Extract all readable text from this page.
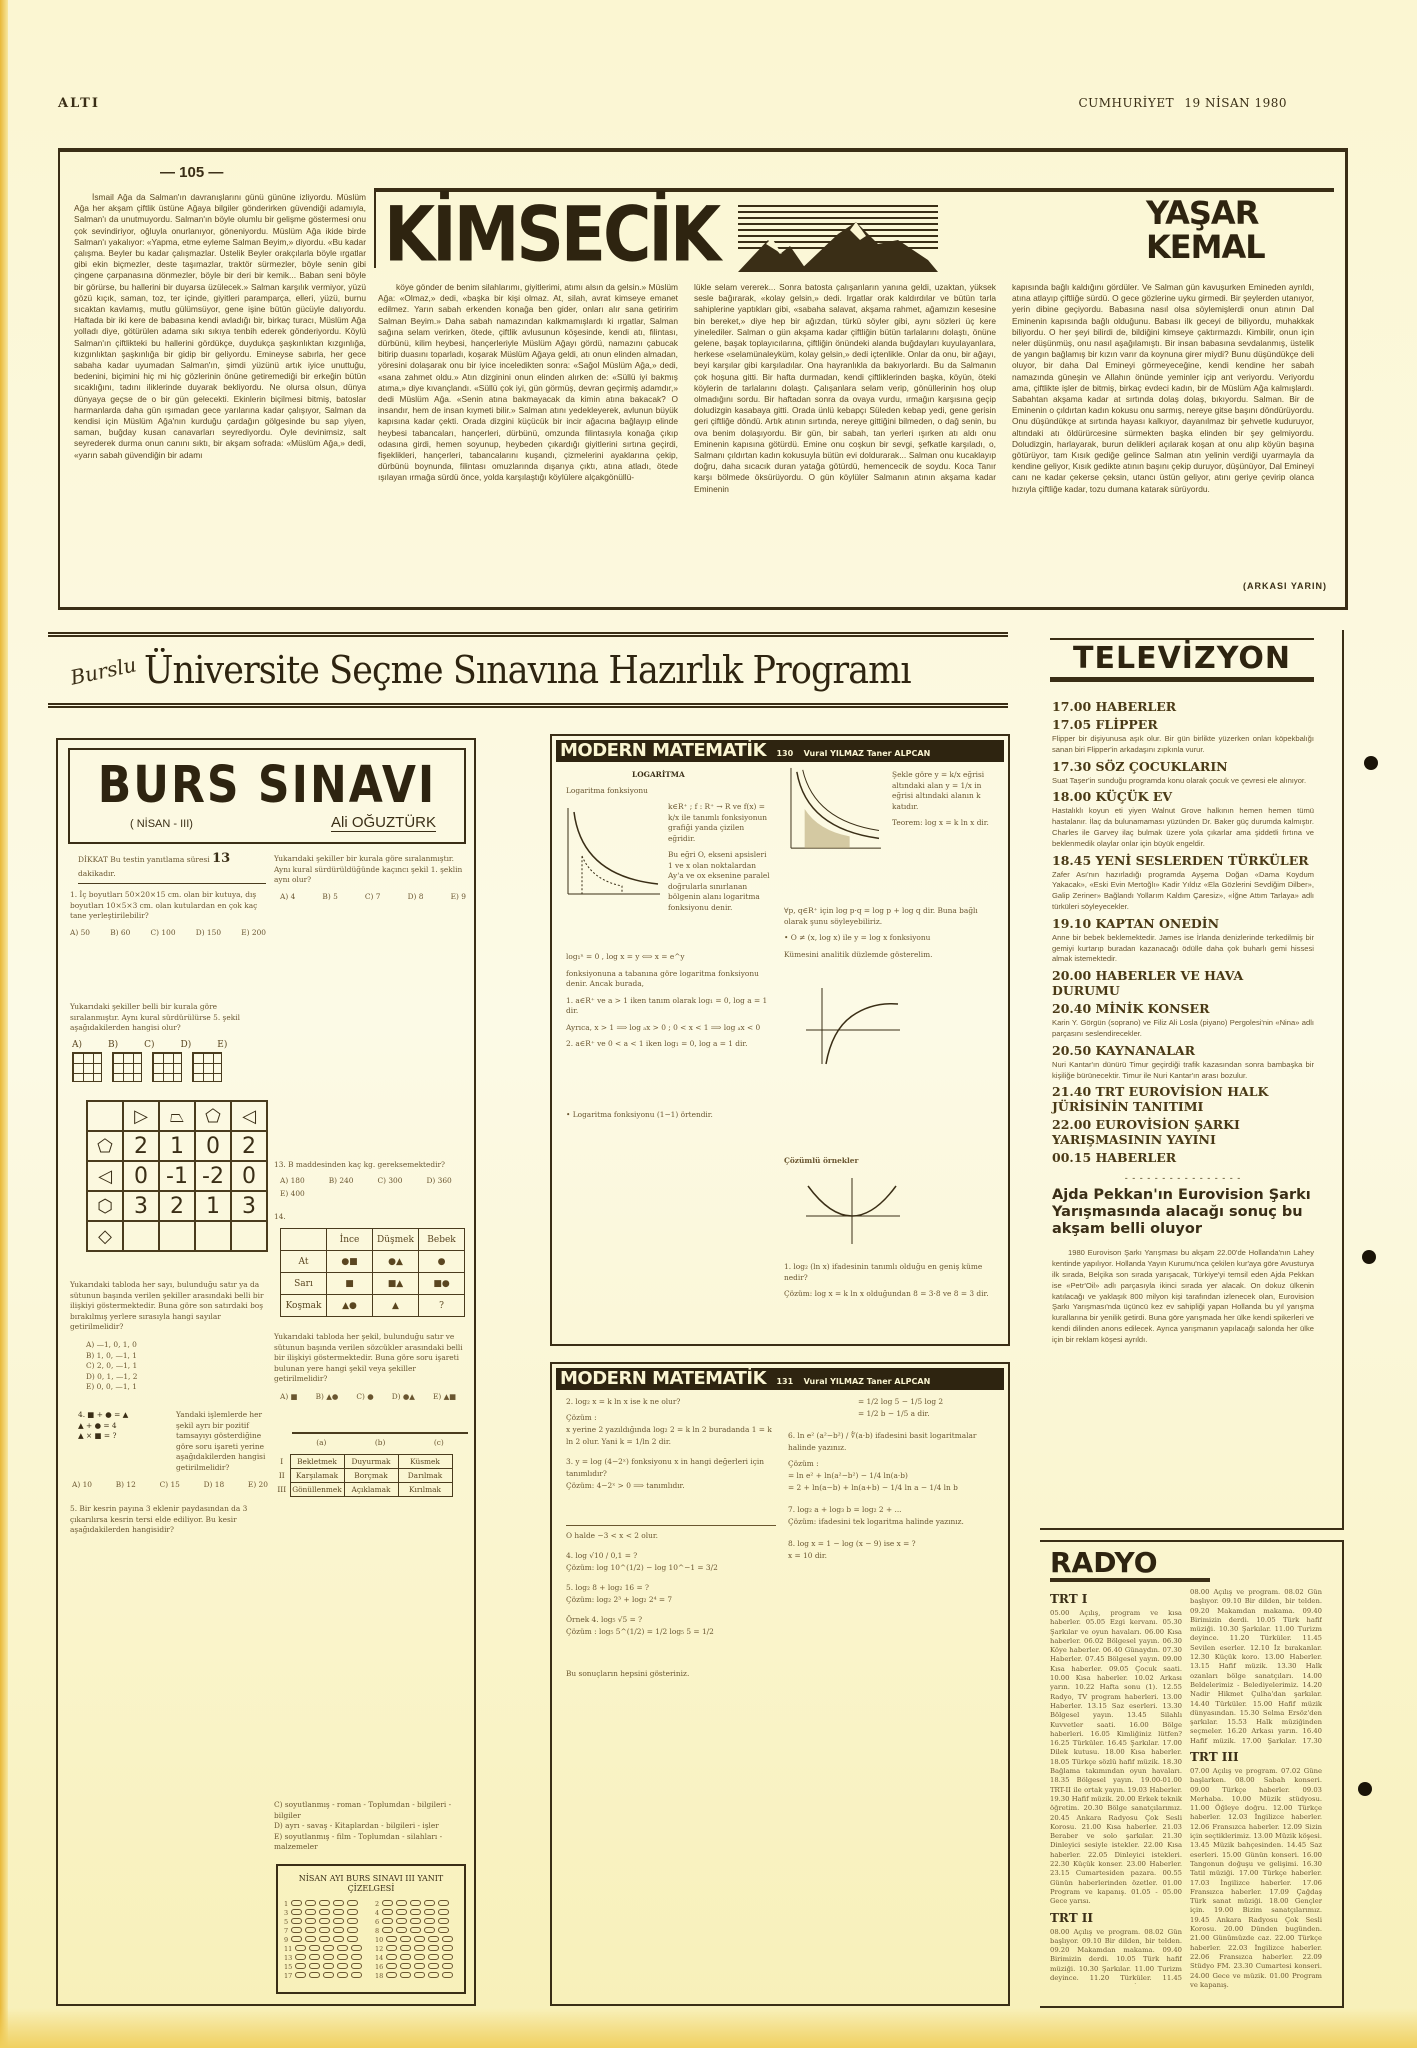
ALTI	CUMHURİYET 19 NİSAN 1980
— 105 —
KİMSECİK	YAŞAR
KEMAL
İsmail Ağa da Salman'ın davranışlarını günü gününe izliyordu. Müslüm Ağa her akşam çiftlik üstüne Ağaya bilgiler gönderirken güvendiği adamıyla, Salman'ı da unutmuyordu. Salman'ın böyle olumlu bir gelişme göstermesi onu çok sevindiriyor, oğluyla onurlanıyor, göneniyordu. Müslüm Ağa ikide birde Salman'ı yakalıyor: «Yapma, etme eyleme Salman Beyim,» diyordu. «Bu kadar çalışma. Beyler bu kadar çalışmazlar. Üstelik Beyler orakçılarla böyle ırgatlar gibi ekin biçmezler, deste taşımazlar, traktör sürmezler, böyle senin gibi çingene çarpanasına dönmezler, böyle bir deri bir kemik... Baban seni böyle bir görürse, bu hallerini bir duyarsa üzülecek.» Salman karşılık vermiyor, yüzü gözü kıçık, saman, toz, ter içinde, giyitleri paramparça, elleri, yüzü, burnu sıcaktan kavlamış, mutlu gülümsüyor, gene işine bütün gücüyle dalıyordu. Haftada bir iki kere de babasına kendi avladığı bir, birkaç turacı, Müslüm Ağa yolladı diye, götürülen adama sıkı sıkıya tenbih ederek gönderiyordu. Köylü Salman'ın çiftlikteki bu hallerini gördükçe, duydukça şaşkınlıktan kızgınlığa, kızgınlıktan şaşkınlığa bir gidip bir geliyordu. Emineyse sabırla, her gece sabaha kadar uyumadan Salman'ın, şimdi yüzünü artık iyice unuttuğu, bedenini, biçimini hiç mi hiç gözlerinin önüne getiremediği bir erkeğin bütün sıcaklığını, tadını iliklerinde duyarak bekliyordu. Ne olursa olsun, dünya dünyaya geçse de o bir gün gelecekti. Ekinlerin biçilmesi bitmiş, batoslar harmanlarda daha gün ışımadan gece yarılarına kadar çalışıyor, Salman da kendisi için Müslüm Ağa'nın kurduğu çardağın gölgesinde bu sap yiyen, saman, buğday kusan canavarları seyrediyordu. Öyle devinimsiz, salt seyrederek durma onun canını sıktı, bir akşam sofrada: «Müslüm Ağa,» dedi, «yarın sabah güvendiğin bir adamı
köye gönder de benim silahlarımı, giyitlerimi, atımı alsın da gelsin.» Müslüm Ağa: «Olmaz,» dedi, «başka bir kişi olmaz. At, silah, avrat kimseye emanet edilmez. Yarın sabah erkenden konağa ben gider, onları alır sana getiririm Salman Beyim.» Daha sabah namazından kalkmamışlardı ki ırgatlar, Salman sağına selam verirken, ötede, çiftlik avlusunun köşesinde, kendi atı, filintası, dürbünü, kilim heybesi, hançerleriyle Müslüm Ağayı gördü, namazını çabucak bitirip duasını toparladı, koşarak Müslüm Ağaya geldi, atı onun elinden almadan, yöresini dolaşarak onu bir iyice inceledikten sonra: «Sağol Müslüm Ağa,» dedi, «sana zahmet oldu.» Atın dizginini onun elinden alırken de: «Süllü iyi bakmış atıma,» diye kıvançlandı. «Süllü çok iyi, gün görmüş, devran geçirmiş adamdır,» dedi Müslüm Ağa. «Senin atına bakmayacak da kimin atına bakacak? O insandır, hem de insan kıymeti bilir.» Salman atını yedekleyerek, avlunun büyük kapısına kadar çekti. Orada dizgini küçücük bir incir ağacına bağlayıp elinde heybesi tabancaları, hançerleri, dürbünü, omzunda filintasıyla konağa çıkıp odasına girdi, hemen soyunup, heybeden çıkardığı giyitlerini sırtına geçirdi, fişeklikleri, hançerleri, tabancalarını kuşandı, çizmelerini ayaklarına çekip, dürbünü boynunda, filintası omuzlarında dışarıya çıktı, atına atladı, ötede ışılayan ırmağa sürdü önce, yolda karşılaştığı köylülere alçakgönüllü-
lükle selam vererek... Sonra batosta çalışanların yanına geldi, uzaktan, yüksek sesle bağırarak, «kolay gelsin,» dedi. Irgatlar orak kaldırdılar ve bütün tarla sahiplerine yaptıkları gibi, «sabaha salavat, akşama rahmet, ağamızın kesesine bin bereket,» diye hep bir ağızdan, türkü söyler gibi, aynı sözleri üç kere yinelediler. Salman o gün akşama kadar çiftliğin bütün tarlalarını dolaştı, önüne gelene, başak toplayıcılarına, çiftliğin önündeki alanda buğdayları kuyulayanlara, herkese «selamünaleyküm, kolay gelsin,» dedi içtenlikle. Onlar da onu, bir ağayı, beyi karşılar gibi karşıladılar. Ona hayranlıkla da bakıyorlardı. Bu da Salmanın çok hoşuna gitti. Bir hafta durmadan, kendi çiftliklerinden başka, köyün, öteki köylerin de tarlalarını dolaştı. Çalışanlara selam verip, gönüllerinin hoş olup olmadığını sordu. Bir haftadan sonra da ovaya vurdu, ırmağın karşısına geçip doludizgin kasabaya gitti. Orada ünlü kebapçı Süleden kebap yedi, gene gerisin geri çiftliğe döndü. Artık atının sırtında, nereye gittiğini bilmeden, o dağ senin, bu ova benim dolaşıyordu. Bir gün, bir sabah, tan yerleri ışırken atı aldı onu Eminenin kapısına götürdü. Emine onu coşkun bir sevgi, şefkatle karşıladı, o, Salmanı çıldırtan kadın kokusuyla bütün evi doldurarak... Salman onu kucaklayıp doğru, daha sıcacık duran yatağa götürdü, hemencecik de soydu. Koca Tanır karşı bölmede öksürüyordu. O gün köylüler Salmanın atının akşama kadar Eminenin
kapısında bağlı kaldığını gördüler. Ve Salman gün kavuşurken Emineden ayrıldı, atına atlayıp çiftliğe sürdü. O gece gözlerine uyku girmedi. Bir şeylerden utanıyor, yerin dibine geçiyordu. Babasına nasıl olsa söylemişlerdi onun atının Dal Eminenin kapısında bağlı olduğunu. Babası ilk geceyi de biliyordu, muhakkak biliyordu. O her şeyi bilirdi de, bildiğini kimseye çaktırmazdı. Kimbilir, onun için neler düşünmüş, onu nasıl aşağılamıştı. Bir insan babasına sevdalanmış, üstelik de yangın bağlamış bir kızın varır da koynuna girer miydi? Bunu düşündükçe deli oluyor, bir daha Dal Emineyi görmeyeceğine, kendi kendine her sabah namazında güneşin ve Allahın önünde yeminler içip ant veriyordu. Veriyordu ama, çiftlikte işler de bitmiş, birkaç evdeci kadın, bir de Müslüm Ağa kalmışlardı. Sabahtan akşama kadar at sırtında dolaş dolaş, bıkıyordu. Salman. Bir de Eminenin o çıldırtan kadın kokusu onu sarmış, nereye gitse başını döndürüyordu. Onu düşündükçe at sırtında hayası kalkıyor, dayanılmaz bir şehvetle kuduruyor, altındaki atı öldürürcesine sürmekten başka elinden bir şey gelmiyordu. Doludizgin, harlayarak, burun delikleri açılarak koşan at onu alıp köyün başına götürüyor, tam Kısık gediğe gelince Salman atın yelinin verdiği uyarmayla da kendine geliyor, Kısık gedikte atının başını çekip duruyor, düşünüyor, Dal Emineyi canı ne kadar çekerse çeksin, utancı üstün geliyor, atını geriye çevirip olanca hızıyla çiftliğe kadar, tozu dumana katarak sürüyordu.
(ARKASI YARIN)
Burslu Üniversite Seçme Sınavına Hazırlık Programı
BURS SINAVI
( NİSAN - III)	Ali OĞUZTÜRK
DİKKAT Bu testin yanıtlama süresi 13 dakikadır.
1. İç boyutları 50×20×15 cm. olan bir kutuya, dış boyutları 10×5×3 cm. olan kutulardan en çok kaç tane yerleştirilebilir?
A) 50	B) 60	C) 100	D) 150	E) 200
Yukarıdaki şekiller belli bir kurala göre sıralanmıştır. Aynı kural sürdürülürse 5. şekil aşağıdakilerden hangisi olur?
A)	B)	C)	D)	E)
	▷	⏢	⬠	◁
⬠	2	1	0	2
◁	0	-1	-2	0
⬡	3	2	1	3
◇				
Yukarıdaki tabloda her sayı, bulunduğu satır ya da sütunun başında verilen şekiller arasındaki belli bir ilişkiyi göstermektedir. Buna göre son satırdaki boş bırakılmış yerlere sırasıyla hangi sayılar getirilmelidir?
A) —1, 0, 1, 0
B) 1, 0, —1, 1
C) 2, 0, —1, 1
D) 0, 1, —1, 2
E) 0, 0, —1, 1
4. ■ + ● = ▲
▲ + ● = 4
▲ × ■ = ?
Yandaki işlemlerde her şekil ayrı bir pozitif tamsayıyı gösterdiğine göre soru işareti yerine aşağıdakilerden hangisi getirilmelidir?
A) 10	B) 12	C) 15	D) 18	E) 20
5. Bir kesrin payına 3 eklenir paydasından da 3 çıkarılırsa kesrin tersi elde ediliyor. Bu kesir aşağıdakilerden hangisidir?
Yukarıdaki şekiller bir kurala göre sıralanmıştır. Aynı kural sürdürüldüğünde kaçıncı şekil 1. şeklin aynı olur?
A) 4	B) 5	C) 7	D) 8	E) 9
13. B maddesinden kaç kg. gereksemektedir?
A) 180	B) 240	C) 300	D) 360
E) 400
14.
	İnce	Düşmek	Bebek
At	●■	●▲	●
Sarı	■	■▲	■●
Koşmak	▲●	▲	?
Yukarıdaki tabloda her şekil, bulunduğu satır ve sütunun başında verilen sözcükler arasındaki belli bir ilişkiyi göstermektedir. Buna göre soru işareti bulunan yere hangi şekil veya şekiller getirilmelidir?
A) ■ B) ▲● C) ● D) ●▲ E) ▲■
(a)	(b)	(c)
I	Bekletmek	Duyurmak	Küsmek
II	Karşılamak	Borçmak	Darılmak
III	Gönüllenmek	Açıklamak	Kırılmak
C) soyutlanmış - roman - Toplumdan - bilgileri - bilgiler
D) ayrı - savaş - Kitaplardan - bilgileri - işler
E) soyutlanmış - film - Toplumdan - silahları - malzemeler
NİSAN AYI BURS SINAVI III YANIT ÇİZELGESİ
1	2
3	4
5	6
7	8
9	10
11	12
13	14
15	16
17	18
MODERN MATEMATİK 130 Vural YILMAZ Taner ALPCAN
LOGARİTMA
Logaritma fonksiyonu
k∈R⁺ ; f : R⁺ → R ve f(x) = k/x ile tanımlı fonksiyonun grafiği yanda çizilen eğridir.
Bu eğri O, ekseni apsisleri 1 ve x olan noktalardan Ay'a ve ox eksenine paralel doğrularla sınırlanan bölgenin alanı logaritma fonksiyonu denir.
Şekle göre y = k/x eğrisi altındaki alan y = 1/x in eğrisi altındaki alanın k katıdır.
Teorem: log x = k ln x dir.
log₁ⁿ = 0 , log x = y ⟺ x = e^y
fonksiyonuna a tabanına göre logaritma fonksiyonu denir. Ancak burada,
1. a∈R⁺ ve a > 1 iken tanım olarak log₁ = 0, log a = 1 dir.
Ayrıca, x > 1 ⟹ log ₐx > 0 ; 0 < x < 1 ⟹ log ₐx < 0
2. a∈R⁺ ve 0 < a < 1 iken log₁ = 0, log a = 1 dir.
• Logaritma fonksiyonu (1−1) örtendir.
∀p, q∈R⁺ için log p·q = log p + log q dir. Buna bağlı olarak şunu söyleyebiliriz.
• O ≠ (x, log x) ile y = log x fonksiyonu
Kümesini analitik düzlemde gösterelim.
Çözümlü örnekler
1. log₂ (ln x) ifadesinin tanımlı olduğu en geniş küme nedir?
Çözüm: log x = k ln x olduğundan 8 = 3·8 ve 8 = 3 dir.
MODERN MATEMATİK 131 Vural YILMAZ Taner ALPCAN
2. log₂ x = k ln x ise k ne olur?
Çözüm :
x yerine 2 yazıldığında log₂ 2 = k ln 2 buradanda 1 = k ln 2 olur. Yani k = 1/ln 2 dir.
3. y = log (4−2ˣ) fonksiyonu x in hangi değerleri için tanımlıdır?
Çözüm: 4−2ˣ > 0 ⟹ tanımlıdır.
O halde −3 < x < 2 olur.
4. log √10 / 0,1 = ?
Çözüm: log 10^(1/2) − log 10^−1 = 3/2
5. log₂ 8 + log₂ 16 = ?
Çözüm: log₂ 2³ + log₂ 2⁴ = 7
Örnek 4. log₅ √5 = ?
Çözüm : log₅ 5^(1/2) = 1/2 log₅ 5 = 1/2
Bu sonuçların hepsini gösteriniz.
= 1/2 log 5 − 1/5 log 2
= 1/2 b − 1/5 a dir.
6. ln e² (a²−b²) / ∜(a·b) ifadesini basit logaritmalar halinde yazınız.
Çözüm :
= ln e² + ln(a²−b²) − 1/4 ln(a·b)
= 2 + ln(a−b) + ln(a+b) − 1/4 ln a − 1/4 ln b
7. log₂ a + log₃ b = log₂ 2 + ...
Çözüm: ifadesini tek logaritma halinde yazınız.
8. log x = 1 − log (x − 9) ise x = ?
x = 10 dir.
TELEVİZYON
17.00 HABERLER
17.05 FLİPPER
Flipper bir dişiyunusa aşık olur. Bir gün birlikte yüzerken onları köpekbalığı sanan biri Flipper'in arkadaşını zıpkınla vurur.
17.30 SÖZ ÇOCUKLARIN
Suat Taşer'in sunduğu programda konu olarak çocuk ve çevresi ele alınıyor.
18.00 KÜÇÜK EV
Hastalıklı koyun eti yiyen Walnut Grove halkının hemen hemen tümü hastalanır. İlaç da bulunamaması yüzünden Dr. Baker güç durumda kalmıştır. Charles ile Garvey ilaç bulmak üzere yola çıkarlar ama şiddetli fırtına ve beklenmedik olaylar onlar için büyük engeldir.
18.45 YENİ SESLERDEN TÜRKÜLER
Zafer Ası'nın hazırladığı programda Ayşema Doğan «Dama Koydum Yakacak», «Eski Evin Mertoğlı» Kadir Yıldız «Ela Gözlerini Sevdiğim Dilber», Galip Zeriner» Bağlandı Yollarım Kaldım Çaresiz», «İğne Attım Tarlaya» adlı türküleri söyleyecekler.
19.10 KAPTAN ONEDİN
Anne bir bebek beklemektedir. James ise İrlanda denizlerinde terkedilmiş bir gemiyi kurtarıp buradan kazanacağı ödülle daha çok buharlı gemi hissesi almak istemektedir.
20.00 HABERLER VE HAVA DURUMU
20.40 MİNİK KONSER
Karin Y. Görgün (soprano) ve Filiz Ali Losla (piyano) Pergolesi'nin «Nina» adlı parçasını seslendirecekler.
20.50 KAYNANALAR
Nuri Kantar'ın dünürü Timur geçirdiği trafik kazasından sonra bambaşka bir kişiliğe bürünecektir. Timur ile Nuri Kantar'ın arası bozulur.
21.40 TRT EUROVİSİON HALK JÜRİSİNİN TANITIMI
22.00 EUROVİSİON ŞARKI YARIŞMASININ YAYINI
00.15 HABERLER
- - - - - - - - - - - - - - - -
Ajda Pekkan'ın Eurovision Şarkı Yarışmasında alacağı sonuç bu akşam belli oluyor
1980 Eurovison Şarkı Yarışması bu akşam 22.00'de Hollanda'nın Lahey kentinde yapılıyor. Hollanda Yayın Kurumu'nca çekilen kur'aya göre Avusturya ilk sırada, Belçika son sırada yarışacak, Türkiye'yi temsil eden Ajda Pekkan ise «Petr'Oil» adlı parçasıyla ikinci sırada yer alacak. On dokuz ülkenin katılacağı ve yaklaşık 800 milyon kişi tarafından izlenecek olan, Eurovision Şarkı Yarışması'nda üçüncü kez ev sahipliği yapan Hollanda bu yıl yarışma kurallarına bir yenilik getirdi. Buna göre yarışmada her ülke kendi spikerleri ve kendi dilinden anons edilecek. Ayrıca yarışmanın yapılacağı salonda her ülke için bir reklam köşesi ayrıldı.
RADYO
TRT I
05.00 Açılış, program ve kısa haberler. 05.05 Ezgi kervanı. 05.30 Şarkılar ve oyun havaları. 06.00 Kısa haberler. 06.02 Bölgesel yayın. 06.30 Köye haberler. 06.40 Günaydın. 07.30 Haberler. 07.45 Bölgesel yayın. 09.00 Kısa haberler. 09.05 Çocuk saati. 10.00 Kısa haberler. 10.02 Arkası yarın. 10.22 Hafta sonu (1). 12.55 Radyo, TV program haberleri. 13.00 Haberler. 13.15 Saz eserleri. 13.30 Bölgesel yayın. 13.45 Silahlı Kuvvetler saati. 16.00 Bölge haberleri. 16.05 Kimliğiniz lütfen? 16.25 Türküler. 16.45 Şarkılar. 17.00 Dilek kutusu. 18.00 Kısa haberler. 18.05 Türkçe sözlü hafif müzik. 18.30 Bağlama takımından oyun havaları. 18.35 Bölgesel yayın. 19.00-01.00 TRT-II ile ortak yayın. 19.03 Haberler. 19.30 Hafif müzik. 20.00 Erkek teknik öğretim. 20.30 Bölge sanatçılarımız. 20.45 Ankara Radyosu Çok Sesli Korosu. 21.00 Kısa haberler. 21.03 Beraber ve solo şarkılar. 21.30 Dinleyici sesiyle istekler. 22.00 Kısa haberler. 22.05 Dinleyici istekleri. 22.30 Küçük konser. 23.00 Haberler. 23.15 Cumartesiden pazara. 00.55 Günün haberlerinden özetler. 01.00 Program ve kapanış. 01.05 - 05.00 Gece yarısı.
TRT II
08.00 Açılış ve program. 08.02 Gün başlıyor. 09.10 Bir dilden, bir telden. 09.20 Makamdan makama. 09.40 Birimizin derdi. 10.05 Türk hafif müziği. 10.30 Şarkılar. 11.00 Turizm deyince. 11.20 Türküler. 11.45
08.00 Açılış ve program. 08.02 Gün başlıyor. 09.10 Bir dilden, bir telden. 09.20 Makamdan makama. 09.40 Birimizin derdi. 10.05 Türk hafif müziği. 10.30 Şarkılar. 11.00 Turizm deyince. 11.20 Türküler. 11.45 Sevilen eserler. 12.10 İz bırakanlar. 12.30 Küçük koro. 13.00 Haberler. 13.15 Hafif müzik. 13.30 Halk ozanları bölge sanatçıları. 14.00 Beldelerimiz - Belediyelerimiz. 14.20 Nadir Hikmet Çulha'dan şarkılar. 14.40 Türküler. 15.00 Hafif müzik dünyasından. 15.30 Selma Ersöz'den şarkılar. 15.53 Halk müziğinden seçmeler. 16.20 Arkası yarın. 16.40 Hafif müzik. 17.00 Şarkılar. 17.30
TRT III
07.00 Açılış ve program. 07.02 Güne başlarken. 08.00 Sabah konseri. 09.00 Türkçe haberler. 09.03 Merhaba. 10.00 Müzik stüdyosu. 11.00 Öğleye doğru. 12.00 Türkçe haberler. 12.03 İngilizce haberler. 12.06 Fransızca haberler. 12.09 Sizin için seçtiklerimiz. 13.00 Müzik köşesi. 13.45 Müzik bahçesinden. 14.45 Saz eserleri. 15.00 Günün konseri. 16.00 Tangonun doğuşu ve gelişimi. 16.30 Tatil müziği. 17.00 Türkçe haberler. 17.03 İngilizce haberler. 17.06 Fransızca haberler. 17.09 Çağdaş Türk sanat müziği. 18.00 Gençler için. 19.00 Bizim sanatçılarımız. 19.45 Ankara Radyosu Çok Sesli Korosu. 20.00 Dünden bugünden. 21.00 Günümüzde caz. 22.00 Türkçe haberler. 22.03 İngilizce haberler. 22.06 Fransızca haberler. 22.09 Stüdyo FM. 23.30 Cumartesi konseri. 24.00 Gece ve müzik. 01.00 Program ve kapanış.
